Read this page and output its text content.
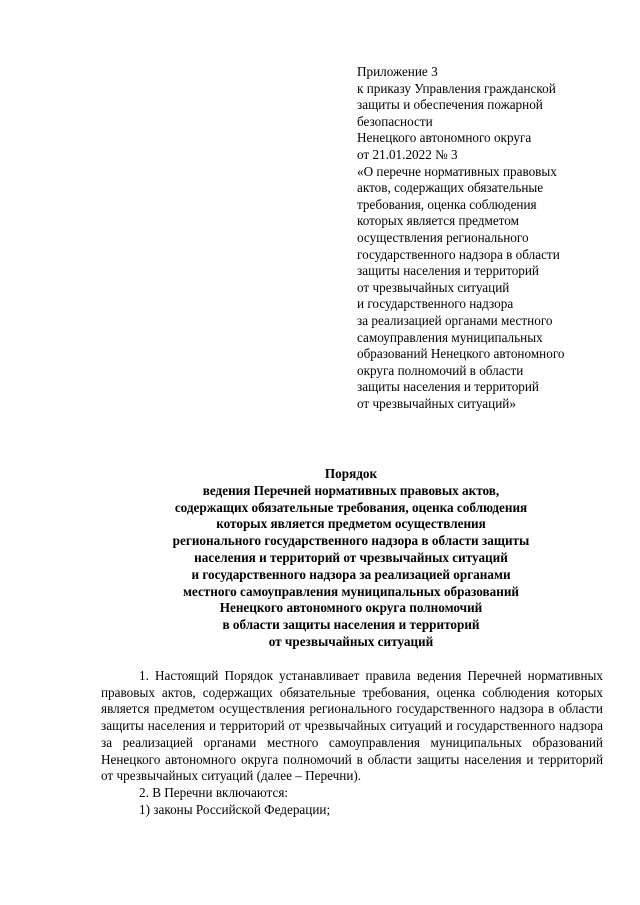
Приложение 3
к приказу Управления гражданской
защиты и обеспечения пожарной
безопасности
Ненецкого автономного округа
от 21.01.2022 № 3
«О перечне нормативных правовых
актов, содержащих обязательные
требования, оценка соблюдения
которых является предметом
осуществления регионального
государственного надзора в области
защиты населения и территорий
от чрезвычайных ситуаций
и государственного надзора
за реализацией органами местного
самоуправления муниципальных
образований Ненецкого автономного
округа полномочий в области
защиты населения и территорий
от чрезвычайных ситуаций»
Порядок
ведения Перечней нормативных правовых актов,
содержащих обязательные требования, оценка соблюдения
которых является предметом осуществления
регионального государственного надзора в области защиты
населения и территорий от чрезвычайных ситуаций
и государственного надзора за реализацией органами
местного самоуправления муниципальных образований
Ненецкого автономного округа полномочий
в области защиты населения и территорий
от чрезвычайных ситуаций

1. Настоящий Порядок устанавливает правила ведения Перечней нормативных правовых актов, содержащих обязательные требования, оценка соблюдения которых является предметом осуществления регионального государственного надзора в области защиты населения и территорий от чрезвычайных ситуаций и государственного надзора за реализацией органами местного самоуправления муниципальных образований Ненецкого автономного округа полномочий в области защиты населения и территорий от чрезвычайных ситуаций (далее – Перечни).

2. В Перечни включаются:

1) законы Российской Федерации;
